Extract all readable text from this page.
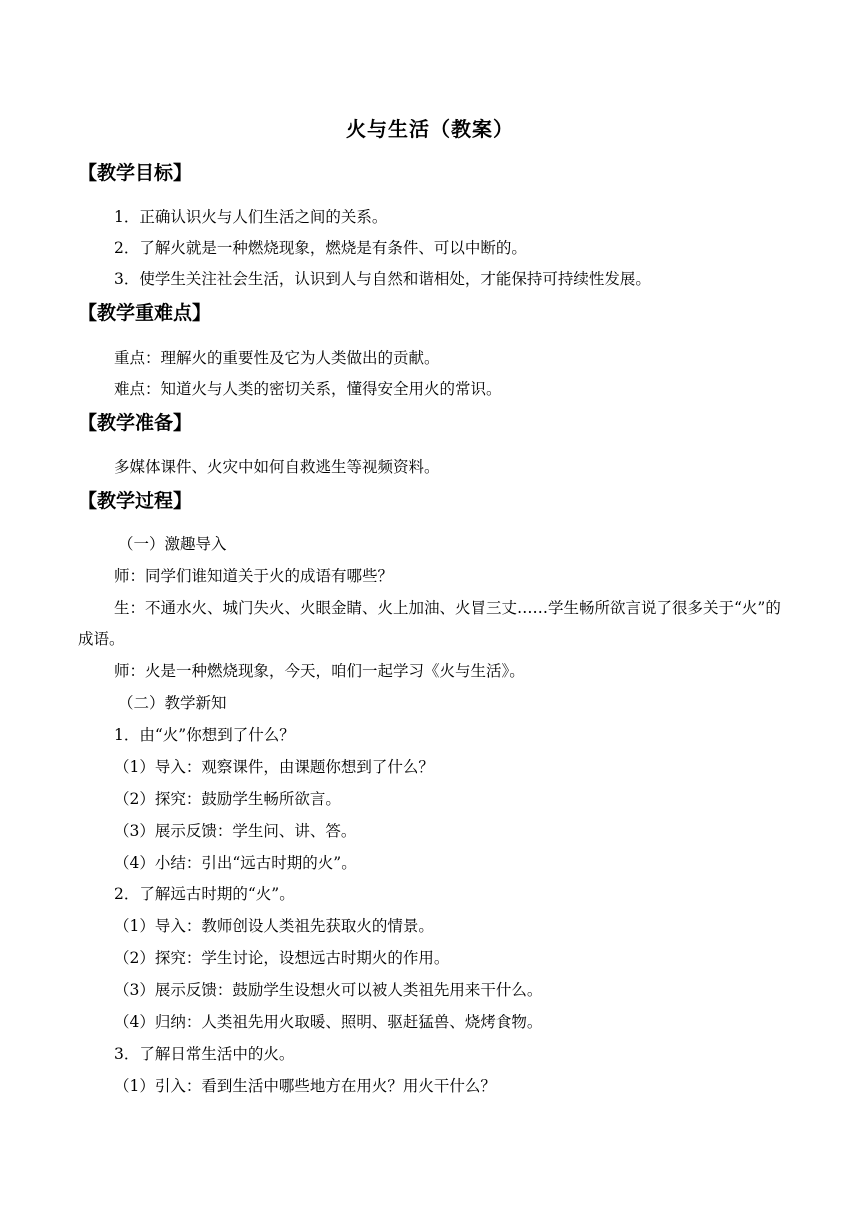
火与生活（教案）
【教学目标】
1．正确认识火与人们生活之间的关系。
2．了解火就是一种燃烧现象，燃烧是有条件、可以中断的。
3．使学生关注社会生活，认识到人与自然和谐相处，才能保持可持续性发展。
【教学重难点】
重点：理解火的重要性及它为人类做出的贡献。
难点：知道火与人类的密切关系，懂得安全用火的常识。
【教学准备】
多媒体课件、火灾中如何自救逃生等视频资料。
【教学过程】
（一）激趣导入
师：同学们谁知道关于火的成语有哪些？
生：不通水火、城门失火、火眼金睛、火上加油、火冒三丈……学生畅所欲言说了很多关于“火”的成语。
师：火是一种燃烧现象，今天，咱们一起学习《火与生活》。
（二）教学新知
1．由“火”你想到了什么？
（1）导入：观察课件，由课题你想到了什么？
（2）探究：鼓励学生畅所欲言。
（3）展示反馈：学生问、讲、答。
（4）小结：引出“远古时期的火”。
2．了解远古时期的“火”。
（1）导入：教师创设人类祖先获取火的情景。
（2）探究：学生讨论，设想远古时期火的作用。
（3）展示反馈：鼓励学生设想火可以被人类祖先用来干什么。
（4）归纳：人类祖先用火取暖、照明、驱赶猛兽、烧烤食物。
3．了解日常生活中的火。
（1）引入：看到生活中哪些地方在用火？用火干什么？
